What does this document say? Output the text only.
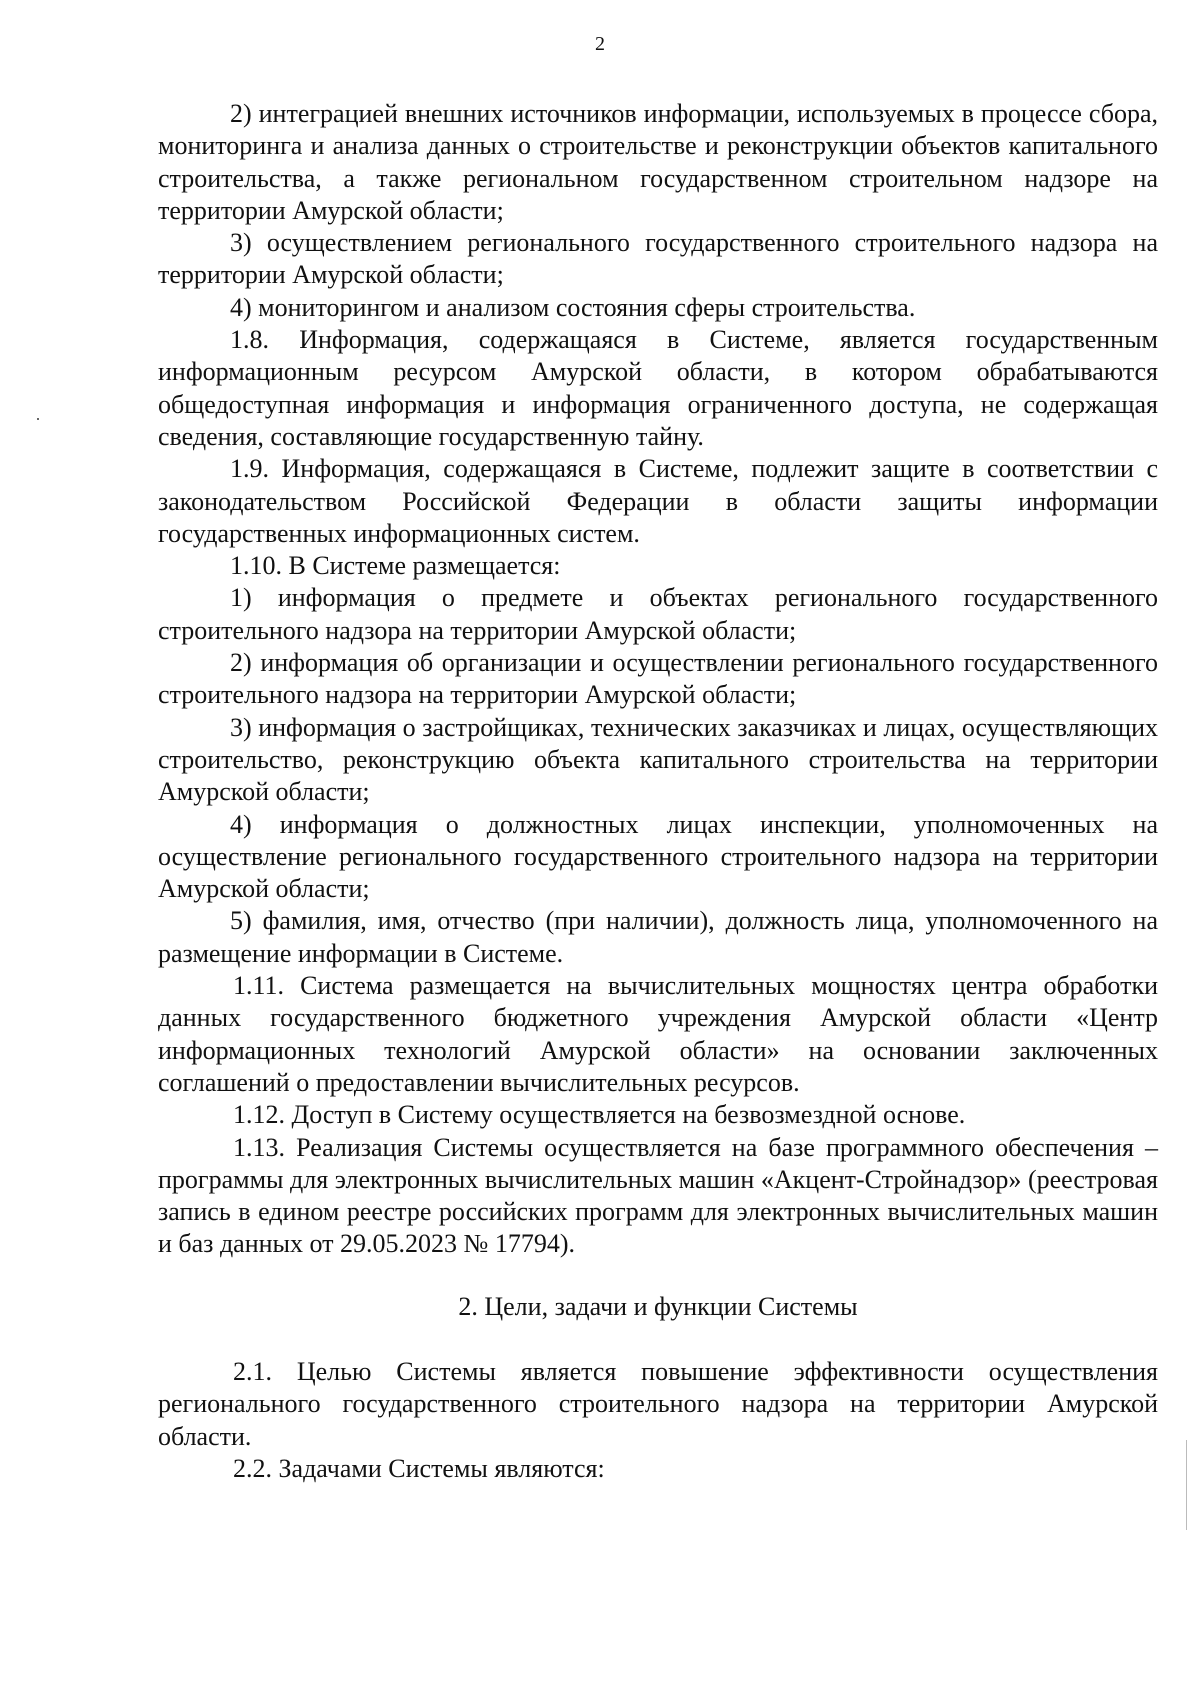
2

2) интеграцией внешних источников информации, используемых в процессе сбора, мониторинга и анализа данных о строительстве и реконструкции объектов капитального строительства, а также региональном государственном строительном надзоре на территории Амурской области;

3) осуществлением регионального государственного строительного надзора на территории Амурской области;

4) мониторингом и анализом состояния сферы строительства.

1.8. Информация, содержащаяся в Системе, является государственным информационным ресурсом Амурской области, в котором обрабатываются общедоступная информация и информация ограниченного доступа, не содержащая сведения, составляющие государственную тайну.

1.9. Информация, содержащаяся в Системе, подлежит защите в соответствии с законодательством Российской Федерации в области защиты информации государственных информационных систем.

1.10. В Системе размещается:

1) информация о предмете и объектах регионального государственного строительного надзора на территории Амурской области;

2) информация об организации и осуществлении регионального государственного строительного надзора на территории Амурской области;

3) информация о застройщиках, технических заказчиках и лицах, осуществляющих строительство, реконструкцию объекта капитального строительства на территории Амурской области;

4) информация о должностных лицах инспекции, уполномоченных на осуществление регионального государственного строительного надзора на территории Амурской области;

5) фамилия, имя, отчество (при наличии), должность лица, уполномоченного на размещение информации в Системе.

1.11. Система размещается на вычислительных мощностях центра обработки данных государственного бюджетного учреждения Амурской области «Центр информационных технологий Амурской области» на основании заключенных соглашений о предоставлении вычислительных ресурсов.

1.12. Доступ в Систему осуществляется на безвозмездной основе.

1.13. Реализация Системы осуществляется на базе программного обеспечения – программы для электронных вычислительных машин «Акцент-Стройнадзор» (реестровая запись в едином реестре российских программ для электронных вычислительных машин и баз данных от 29.05.2023 № 17794).

2. Цели, задачи и функции Системы

2.1. Целью Системы является повышение эффективности осуществления регионального государственного строительного надзора на территории Амурской области.

2.2. Задачами Системы являются:
